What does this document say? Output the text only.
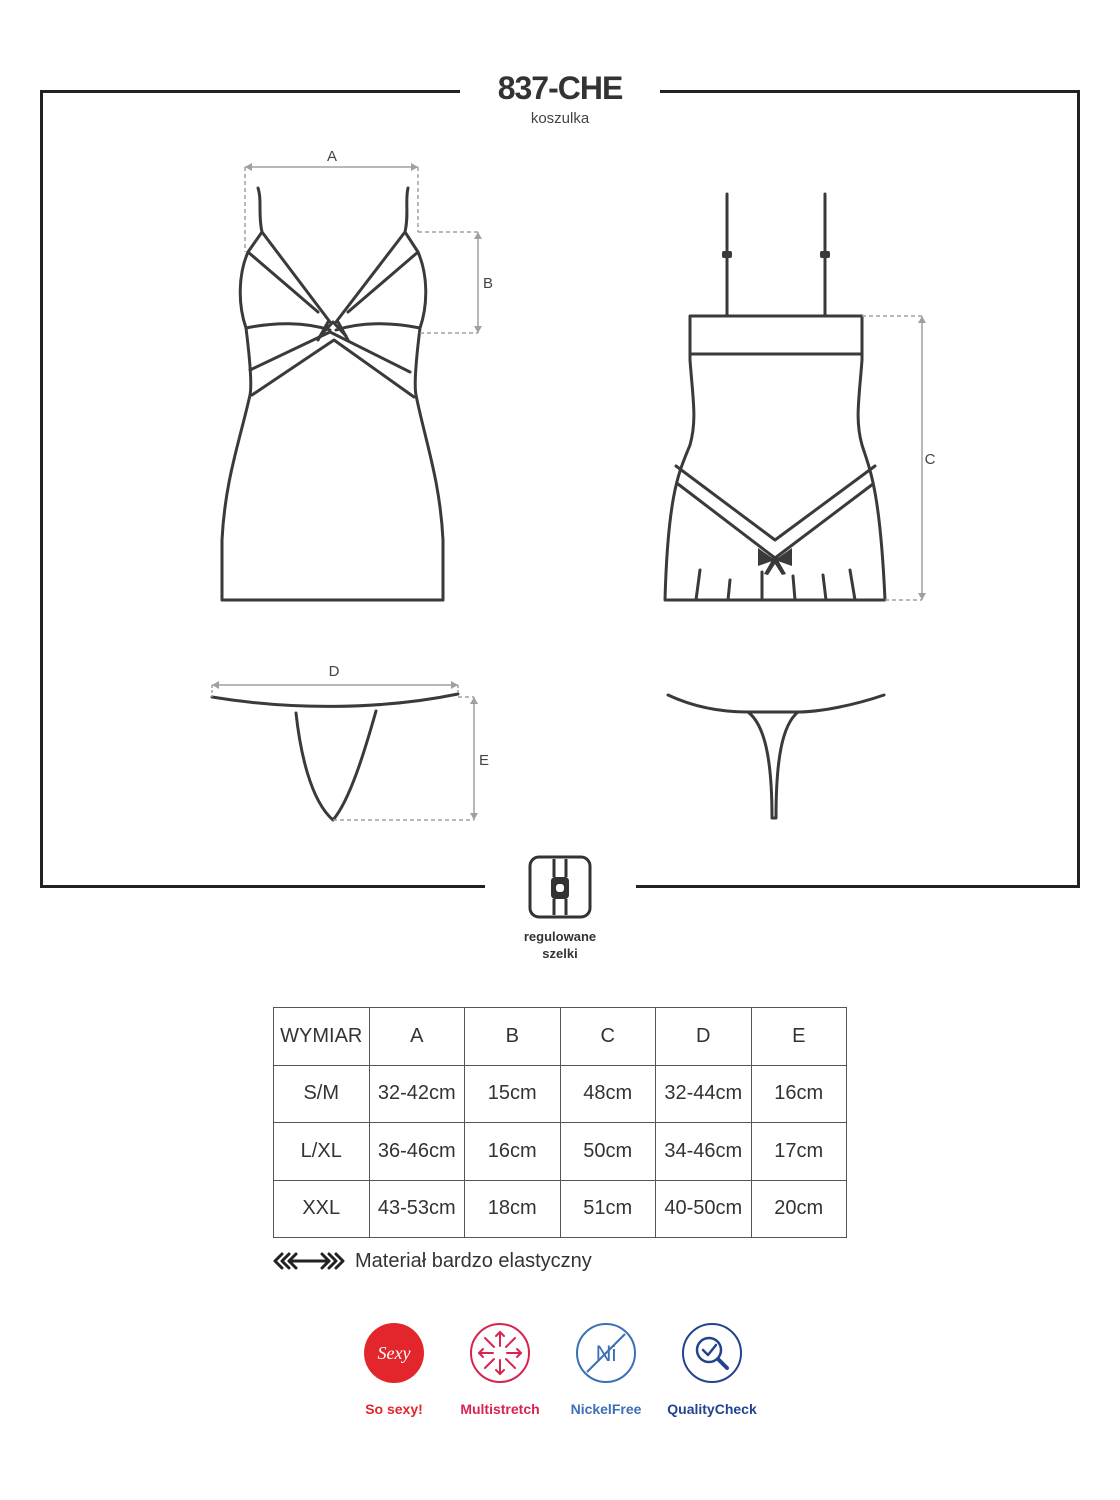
837-CHE
koszulka
A
B
C
D
E
regulowane
szelki
WYMIAR	A	B	C	D	E
S/M	32-42cm	15cm	48cm	32-44cm	16cm
L/XL	36-46cm	16cm	50cm	34-46cm	17cm
XXL	43-53cm	18cm	51cm	40-50cm	20cm
Materiał bardzo elastyczny
Sexy
So sexy!	Multistretch
Ni
NickelFree	QualityCheck
